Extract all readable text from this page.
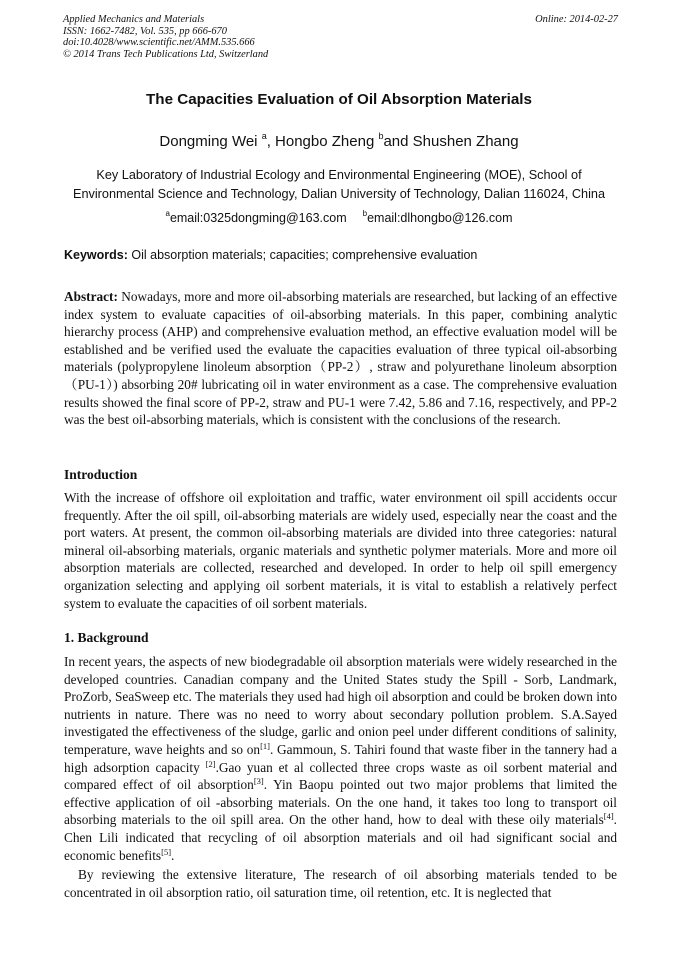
Applied Mechanics and Materials
ISSN: 1662-7482, Vol. 535, pp 666-670
doi:10.4028/www.scientific.net/AMM.535.666
© 2014 Trans Tech Publications Ltd, Switzerland
Online: 2014-02-27
The Capacities Evaluation of Oil Absorption Materials
Dongming Wei $^a$, Hongbo Zheng $^b$and Shushen Zhang
Key Laboratory of Industrial Ecology and Environmental Engineering (MOE), School of
Environmental Science and Technology, Dalian University of Technology, Dalian 116024, China
$^a$email:0325dongming@163.com $^b$email:dlhongbo@126.com
Keywords: Oil absorption materials; capacities; comprehensive evaluation
Abstract: Nowadays, more and more oil-absorbing materials are researched, but lacking of an effective index system to evaluate capacities of oil-absorbing materials. In this paper, combining analytic hierarchy process (AHP) and comprehensive evaluation method, an effective evaluation model will be established and be verified used the evaluate the capacities evaluation of three typical oil-absorbing materials (polypropylene linoleum absorption（PP-2）, straw and polyurethane linoleum absorption（PU-1）) absorbing 20# lubricating oil in water environment as a case. The comprehensive evaluation results showed the final score of PP-2, straw and PU-1 were 7.42, 5.86 and 7.16, respectively, and PP-2 was the best oil-absorbing materials, which is consistent with the conclusions of the research.
Introduction
With the increase of offshore oil exploitation and traffic, water environment oil spill accidents occur frequently. After the oil spill, oil-absorbing materials are widely used, especially near the coast and the port waters. At present, the common oil-absorbing materials are divided into three categories: natural mineral oil-absorbing materials, organic materials and synthetic polymer materials. More and more oil absorption materials are collected, researched and developed. In order to help oil spill emergency organization selecting and applying oil sorbent materials, it is vital to establish a relatively perfect system to evaluate the capacities of oil sorbent materials.
1. Background
In recent years, the aspects of new biodegradable oil absorption materials were widely researched in the developed countries. Canadian company and the United States study the Spill - Sorb, Landmark, ProZorb, SeaSweep etc. The materials they used had high oil absorption and could be broken down into nutrients in nature. There was no need to worry about secondary pollution problem. S.A.Sayed investigated the effectiveness of the sludge, garlic and onion peel under different conditions of salinity, temperature, wave heights and so on[1]. Gammoun, S. Tahiri found that waste fiber in the tannery had a high adsorption capacity [2].Gao yuan et al collected three crops waste as oil sorbent material and compared effect of oil absorption[3]. Yin Baopu pointed out two major problems that limited the effective application of oil -absorbing materials. On the one hand, it takes too long to transport oil absorbing materials to the oil spill area. On the other hand, how to deal with these oily materials[4]. Chen Lili indicated that recycling of oil absorption materials and oil had significant social and economic benefits[5].
By reviewing the extensive literature, The research of oil absorbing materials tended to be concentrated in oil absorption ratio, oil saturation time, oil retention, etc. It is neglected that
